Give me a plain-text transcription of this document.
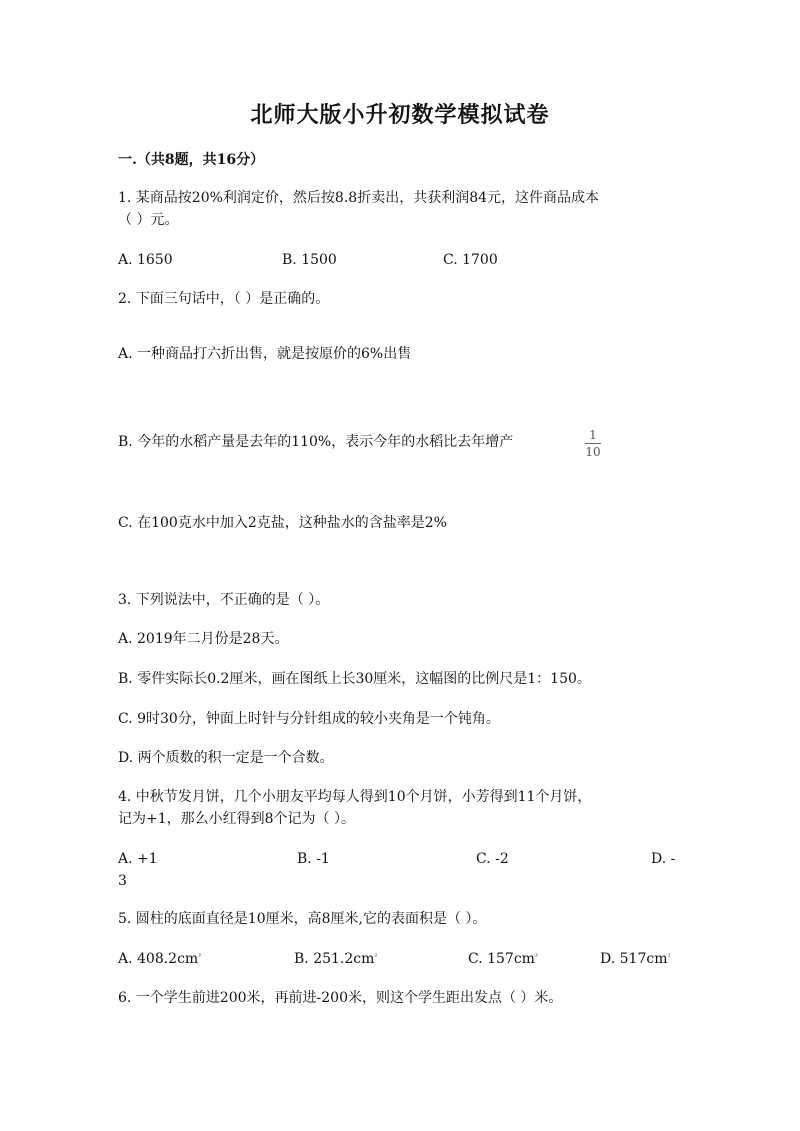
北师大版小升初数学模拟试卷
一.（共8题，共16分）
1. 某商品按20%利润定价，然后按8.8折卖出，共获利润84元，这件商品成本
（ ）元。
A. 1650	B. 1500	C. 1700
2. 下面三句话中，（ ）是正确的。
A. 一种商品打六折出售，就是按原价的6%出售
B. 今年的水稻产量是去年的110%，表示今年的水稻比去年增产	1
10
C. 在100克水中加入2克盐，这种盐水的含盐率是2%
3. 下列说法中，不正确的是（ ）。
A. 2019年二月份是28天。
B. 零件实际长0.2厘米，画在图纸上长30厘米，这幅图的比例尺是1：150。
C. 9时30分，钟面上时针与分针组成的较小夹角是一个钝角。
D. 两个质数的积一定是一个合数。
4. 中秋节发月饼，几个小朋友平均每人得到10个月饼，小芳得到11个月饼，
记为+1，那么小红得到8个记为（ ）。
A. +1	B. -1	C. -2	D. -
3
5. 圆柱的底面直径是10厘米，高8厘米,它的表面积是（ ）。
A. $408.2cm^{^2}$	B. $251.2cm^{^2}$	C. $157cm^{^2}$	D. $517cm^{^2}$
6. 一个学生前进200米，再前进-200米，则这个学生距出发点（ ）米。
